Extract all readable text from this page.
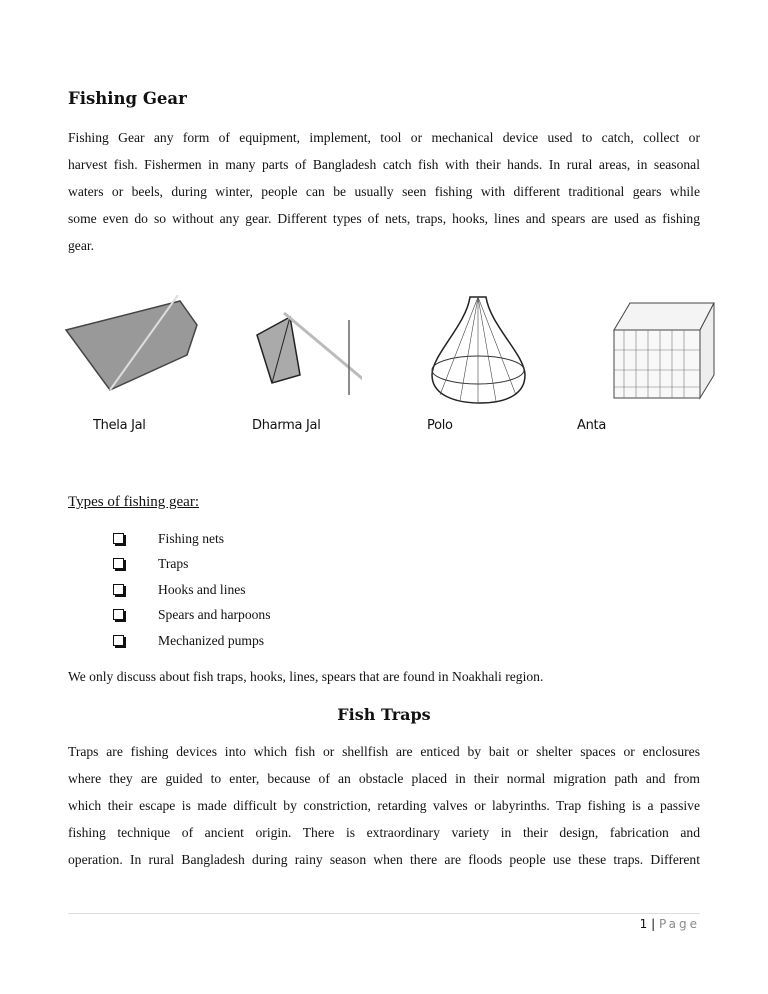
Fishing Gear
Fishing Gear any form of equipment, implement, tool or mechanical device used to catch, collect or
harvest fish. Fishermen in many parts of Bangladesh catch fish with their hands. In rural areas, in seasonal
waters or beels, during winter, people can be usually seen fishing with different traditional gears while
some even do so without any gear. Different types of nets, traps, hooks, lines and spears are used as fishing
gear.
Thela Jal	Dharma Jal	Polo	Anta
Types of fishing gear:
Fishing nets
Traps
Hooks and lines
Spears and harpoons
Mechanized pumps
We only discuss about fish traps, hooks, lines, spears that are found in Noakhali region.
Fish Traps
Traps are fishing devices into which fish or shellfish are enticed by bait or shelter spaces or enclosures
where they are guided to enter, because of an obstacle placed in their normal migration path and from
which their escape is made difficult by constriction, retarding valves or labyrinths. Trap fishing is a passive
fishing technique of ancient origin. There is extraordinary variety in their design, fabrication and
operation. In rural Bangladesh during rainy season when there are floods people use these traps. Different
1 | Page
